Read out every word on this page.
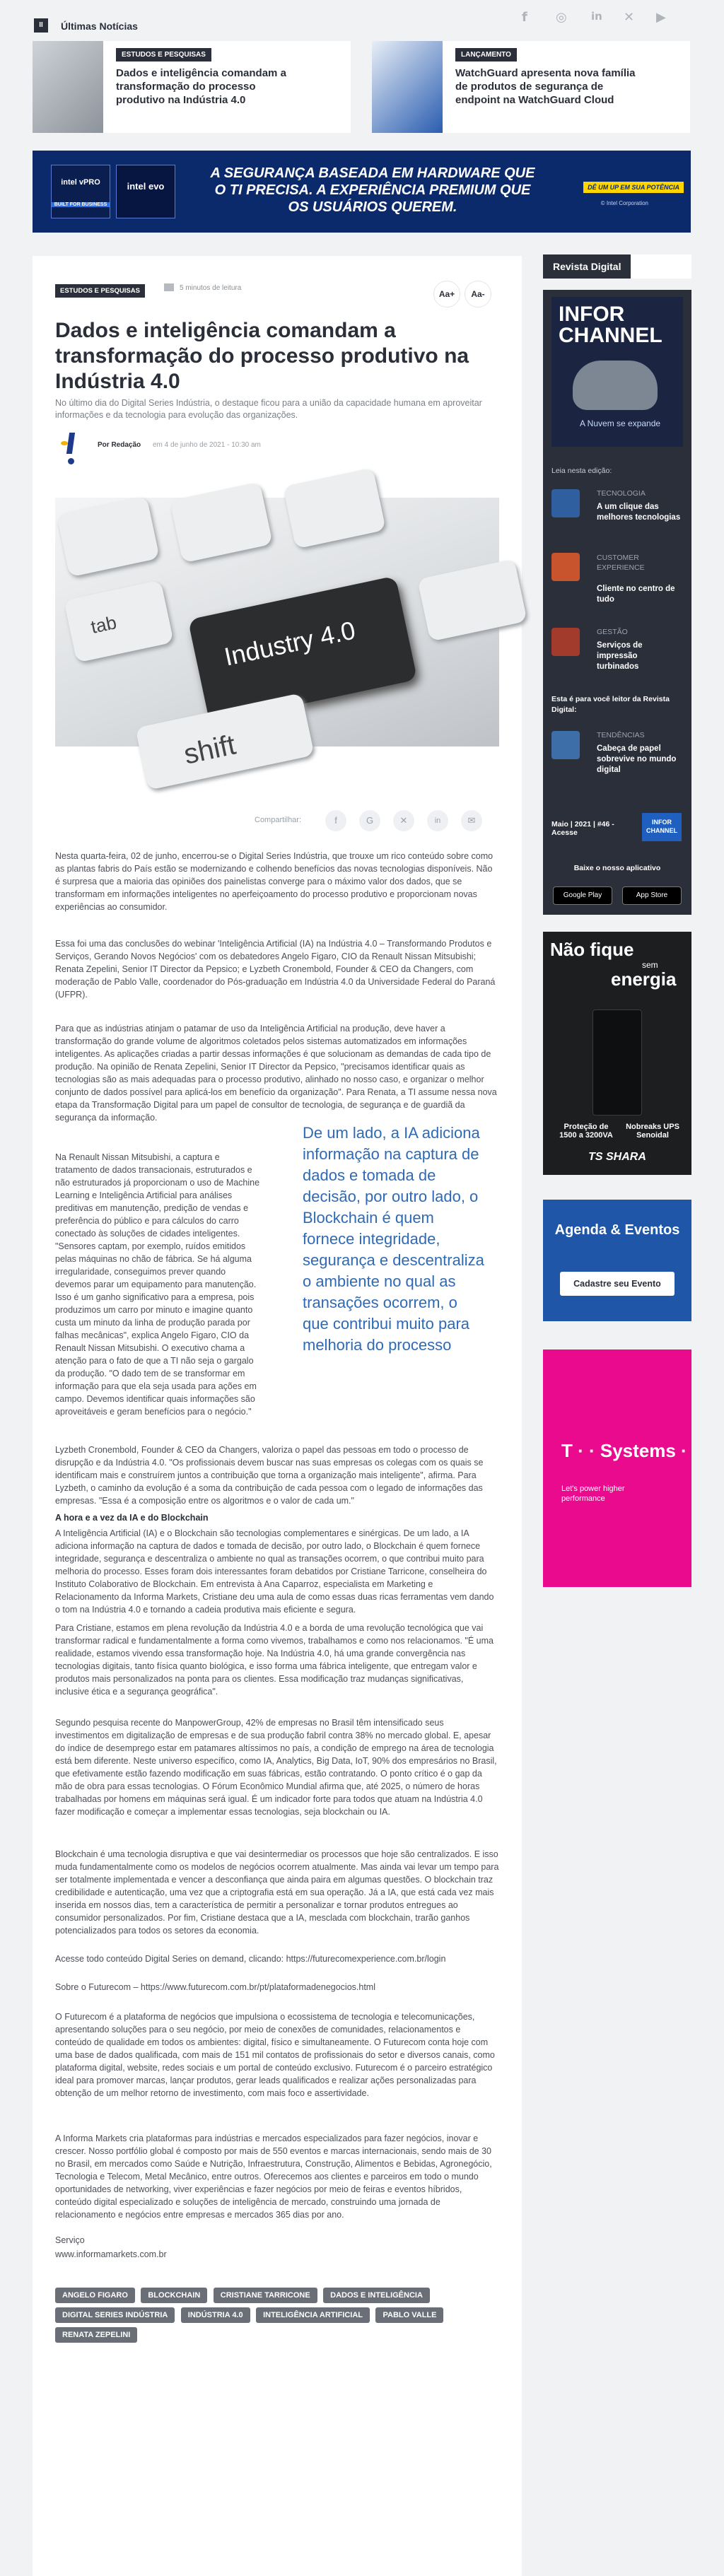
II	Últimas Notícias
f ◎ in ✕ ▶
ESTUDOS E PESQUISAS
Dados e inteligência comandam a transformação do processo produtivo na Indústria 4.0
LANÇAMENTO
WatchGuard apresenta nova família de produtos de segurança de endpoint na WatchGuard Cloud
intel vPRO
BUILT FOR BUSINESS
intel evo
A SEGURANÇA BASEADA EM HARDWARE QUE O TI PRECISA. A EXPERIÊNCIA PREMIUM QUE OS USUÁRIOS QUEREM.
DÊ UM UP EM SUA POTÊNCIA
© Intel Corporation
ESTUDOS E PESQUISAS	5 minutos de leitura
Aa+	Aa-
Dados e inteligência comandam a transformação do processo produtivo na Indústria 4.0
No último dia do Digital Series Indústria, o destaque ficou para a união da capacidade humana em aproveitar informações e da tecnologia para evolução das organizações.
Por Redação em 4 de junho de 2021 - 10:30 am
tab	Industry 4.0
shift
Compartilhar:	f	G	✕	in	✉
Nesta quarta-feira, 02 de junho, encerrou-se o Digital Series Indústria, que trouxe um rico conteúdo sobre como as plantas fabris do País estão se modernizando e colhendo benefícios das novas tecnologias disponíveis. Não é surpresa que a maioria das opiniões dos painelistas converge para o máximo valor dos dados, que se transformam em informações inteligentes no aperfeiçoamento do processo produtivo e proporcionam novas experiências ao consumidor.
Essa foi uma das conclusões do webinar 'Inteligência Artificial (IA) na Indústria 4.0 – Transformando Produtos e Serviços, Gerando Novos Negócios' com os debatedores Angelo Figaro, CIO da Renault Nissan Mitsubishi; Renata Zepelini, Senior IT Director da Pepsico; e Lyzbeth Cronembold, Founder & CEO da Changers, com moderação de Pablo Valle, coordenador do Pós-graduação em Indústria 4.0 da Universidade Federal do Paraná (UFPR).
Para que as indústrias atinjam o patamar de uso da Inteligência Artificial na produção, deve haver a transformação do grande volume de algoritmos coletados pelos sistemas automatizados em informações inteligentes. As aplicações criadas a partir dessas informações é que solucionam as demandas de cada tipo de produção. Na opinião de Renata Zepelini, Senior IT Director da Pepsico, "precisamos identificar quais as tecnologias são as mais adequadas para o processo produtivo, alinhado no nosso caso, e organizar o melhor conjunto de dados possível para aplicá-los em benefício da organização". Para Renata, a TI assume nessa nova etapa da Transformação Digital para um papel de consultor de tecnologia, de segurança e de guardiã da segurança da informação.
Na Renault Nissan Mitsubishi, a captura e tratamento de dados transacionais, estruturados e não estruturados já proporcionam o uso de Machine Learning e Inteligência Artificial para análises preditivas em manutenção, predição de vendas e preferência do público e para cálculos do carro conectado às soluções de cidades inteligentes. "Sensores captam, por exemplo, ruídos emitidos pelas máquinas no chão de fábrica. Se há alguma irregularidade, conseguimos prever quando devemos parar um equipamento para manutenção. Isso é um ganho significativo para a empresa, pois produzimos um carro por minuto e imagine quanto custa um minuto da linha de produção parada por falhas mecânicas", explica Angelo Figaro, CIO da Renault Nissan Mitsubishi. O executivo chama a atenção para o fato de que a TI não seja o gargalo da produção. "O dado tem de se transformar em informação para que ela seja usada para ações em campo. Devemos identificar quais informações são aproveitáveis e geram benefícios para o negócio."
De um lado, a IA adiciona informação na captura de dados e tomada de decisão, por outro lado, o Blockchain é quem fornece integridade, segurança e descentraliza o ambiente no qual as transações ocorrem, o que contribui muito para melhoria do processo
Lyzbeth Cronembold, Founder & CEO da Changers, valoriza o papel das pessoas em todo o processo de disrupção e da Indústria 4.0. "Os profissionais devem buscar nas suas empresas os colegas com os quais se identificam mais e construírem juntos a contribuição que torna a organização mais inteligente", afirma. Para Lyzbeth, o caminho da evolução é a soma da contribuição de cada pessoa com o legado de informações das empresas. "Essa é a composição entre os algoritmos e o valor de cada um."
A hora e a vez da IA e do Blockchain
A Inteligência Artificial (IA) e o Blockchain são tecnologias complementares e sinérgicas. De um lado, a IA adiciona informação na captura de dados e tomada de decisão, por outro lado, o Blockchain é quem fornece integridade, segurança e descentraliza o ambiente no qual as transações ocorrem, o que contribui muito para melhoria do processo. Esses foram dois interessantes foram debatidos por Cristiane Tarricone, conselheira do Instituto Colaborativo de Blockchain. Em entrevista à Ana Caparroz, especialista em Marketing e Relacionamento da Informa Markets, Cristiane deu uma aula de como essas duas ricas ferramentas vem dando o tom na Indústria 4.0 e tornando a cadeia produtiva mais eficiente e segura.
Para Cristiane, estamos em plena revolução da Indústria 4.0 e a borda de uma revolução tecnológica que vai transformar radical e fundamentalmente a forma como vivemos, trabalhamos e como nos relacionamos. "É uma realidade, estamos vivendo essa transformação hoje. Na Indústria 4.0, há uma grande convergência nas tecnologias digitais, tanto física quanto biológica, e isso forma uma fábrica inteligente, que entregam valor e produtos mais personalizados na ponta para os clientes. Essa modificação traz mudanças significativas, inclusive ética e a segurança geográfica".
Segundo pesquisa recente do ManpowerGroup, 42% de empresas no Brasil têm intensificado seus investimentos em digitalização de empresas e de sua produção fabril contra 38% no mercado global. E, apesar do índice de desemprego estar em patamares altíssimos no país, a condição de emprego na área de tecnologia está bem diferente. Neste universo específico, como IA, Analytics, Big Data, IoT, 90% dos empresários no Brasil, que efetivamente estão fazendo modificação em suas fábricas, estão contratando. O ponto crítico é o gap da mão de obra para essas tecnologias. O Fórum Econômico Mundial afirma que, até 2025, o número de horas trabalhadas por homens em máquinas será igual. É um indicador forte para todos que atuam na Indústria 4.0 fazer modificação e começar a implementar essas tecnologias, seja blockchain ou IA.
Blockchain é uma tecnologia disruptiva e que vai desintermediar os processos que hoje são centralizados. E isso muda fundamentalmente como os modelos de negócios ocorrem atualmente. Mas ainda vai levar um tempo para ser totalmente implementada e vencer a desconfiança que ainda paira em algumas questões. O blockchain traz credibilidade e autenticação, uma vez que a criptografia está em sua operação. Já a IA, que está cada vez mais inserida em nossos dias, tem a característica de permitir a personalizar e tornar produtos entregues ao consumidor personalizados. Por fim, Cristiane destaca que a IA, mesclada com blockchain, trarão ganhos potencializados para todos os setores da economia.
Acesse todo conteúdo Digital Series on demand, clicando: https://futurecomexperience.com.br/login
Sobre o Futurecom – https://www.futurecom.com.br/pt/plataformadenegocios.html
O Futurecom é a plataforma de negócios que impulsiona o ecossistema de tecnologia e telecomunicações, apresentando soluções para o seu negócio, por meio de conexões de comunidades, relacionamentos e conteúdo de qualidade em todos os ambientes: digital, físico e simultaneamente. O Futurecom conta hoje com uma base de dados qualificada, com mais de 151 mil contatos de profissionais do setor e diversos canais, como plataforma digital, website, redes sociais e um portal de conteúdo exclusivo. Futurecom é o parceiro estratégico ideal para promover marcas, lançar produtos, gerar leads qualificados e realizar ações personalizadas para obtenção de um melhor retorno de investimento, com mais foco e assertividade.
A Informa Markets cria plataformas para indústrias e mercados especializados para fazer negócios, inovar e crescer. Nosso portfólio global é composto por mais de 550 eventos e marcas internacionais, sendo mais de 30 no Brasil, em mercados como Saúde e Nutrição, Infraestrutura, Construção, Alimentos e Bebidas, Agronegócio, Tecnologia e Telecom, Metal Mecânico, entre outros. Oferecemos aos clientes e parceiros em todo o mundo oportunidades de networking, viver experiências e fazer negócios por meio de feiras e eventos híbridos, conteúdo digital especializado e soluções de inteligência de mercado, construindo uma jornada de relacionamento e negócios entre empresas e mercados 365 dias por ano.
Serviço
www.informamarkets.com.br
ANGELO FIGARO	BLOCKCHAIN	CRISTIANE TARRICONE	DADOS E INTELIGÊNCIA DIGITAL SERIES INDÚSTRIA	INDÚSTRIA 4.0	INTELIGÊNCIA ARTIFICIAL	PABLO VALLE RENATA ZEPELINI
Revista Digital
INFOR CHANNEL
A Nuvem se expande
Leia nesta edição:
TECNOLOGIA
A um clique das melhores tecnologias
CUSTOMER EXPERIENCE
Cliente no centro de tudo
GESTÃO
Serviços de impressão turbinados
Esta é para você leitor da Revista Digital:
TENDÊNCIAS
Cabeça de papel sobrevive no mundo digital
Maio | 2021 | #46 - Acesse
INFOR CHANNEL
Baixe o nosso aplicativo
Google Play	App Store
Não fique
sem
energia
Proteção de 1500 a 3200VA
Nobreaks UPS Senoidal
TS SHARA
Agenda & Eventos
Cadastre seu Evento
T · · Systems ·
Let's power higher performance
